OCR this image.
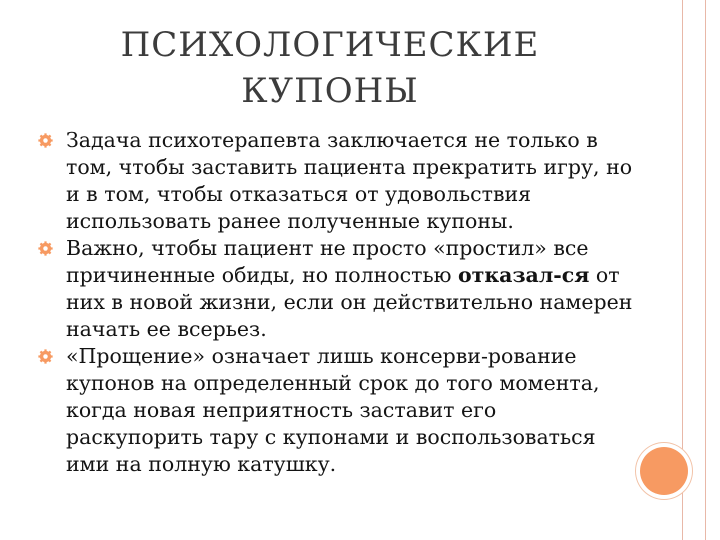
ПСИХОЛОГИЧЕСКИЕ
КУПОНЫ
Задача психотерапевта заключается не только в том, чтобы заставить пациента прекратить игру, но и в том, чтобы отказаться от удовольствия использовать ранее полученные купоны.
Важно, чтобы пациент не просто «простил» все причиненные обиды, но полностью отказал-ся от них в новой жизни, если он действительно намерен начать ее всерьез.
«Прощение» означает лишь консерви-рование купонов на определенный срок до того момента, когда новая неприятность заставит его раскупорить тару с купонами и воспользоваться ими на полную катушку.
